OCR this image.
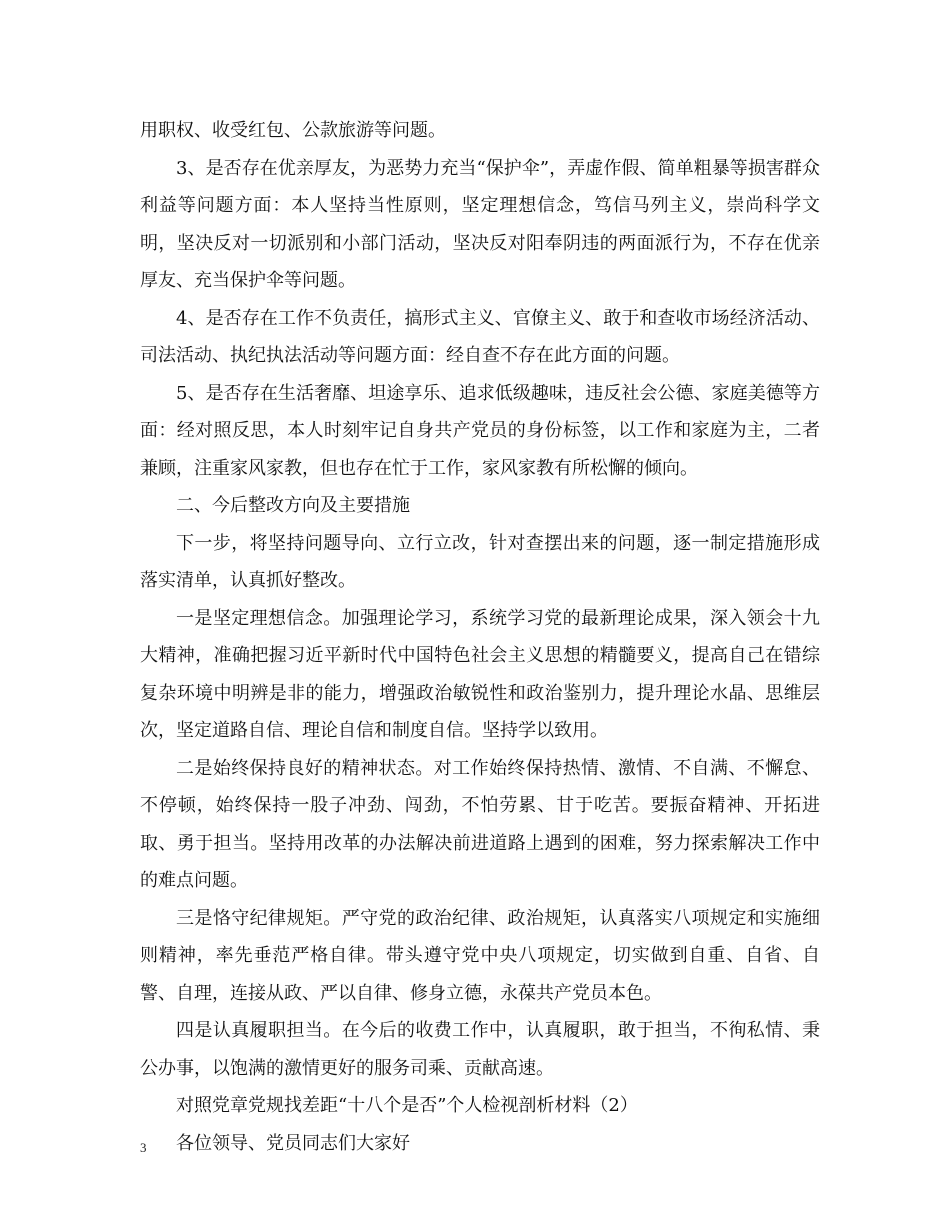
用职权、收受红包、公款旅游等问题。

3、是否存在优亲厚友，为恶势力充当“保护伞”，弄虚作假、简单粗暴等损害群众利益等问题方面：本人坚持当性原则，坚定理想信念，笃信马列主义，崇尚科学文明，坚决反对一切派别和小部门活动，坚决反对阳奉阴违的两面派行为，不存在优亲厚友、充当保护伞等问题。

4、是否存在工作不负责任，搞形式主义、官僚主义、敢于和查收市场经济活动、司法活动、执纪执法活动等问题方面：经自查不存在此方面的问题。

5、是否存在生活奢靡、坦途享乐、追求低级趣味，违反社会公德、家庭美德等方面：经对照反思，本人时刻牢记自身共产党员的身份标签，以工作和家庭为主，二者兼顾，注重家风家教，但也存在忙于工作，家风家教有所松懈的倾向。

二、今后整改方向及主要措施

下一步，将坚持问题导向、立行立改，针对查摆出来的问题，逐一制定措施形成落实清单，认真抓好整改。

一是坚定理想信念。加强理论学习，系统学习党的最新理论成果，深入领会十九大精神，准确把握习近平新时代中国特色社会主义思想的精髓要义，提高自己在错综复杂环境中明辨是非的能力，增强政治敏锐性和政治鉴别力，提升理论水晶、思维层次，坚定道路自信、理论自信和制度自信。坚持学以致用。

二是始终保持良好的精神状态。对工作始终保持热情、激情、不自满、不懈怠、不停顿，始终保持一股子冲劲、闯劲，不怕劳累、甘于吃苦。要振奋精神、开拓进取、勇于担当。坚持用改革的办法解决前进道路上遇到的困难，努力探索解决工作中的难点问题。

三是恪守纪律规矩。严守党的政治纪律、政治规矩，认真落实八项规定和实施细则精神，率先垂范严格自律。带头遵守党中央八项规定，切实做到自重、自省、自警、自理，连接从政、严以自律、修身立德，永葆共产党员本色。

四是认真履职担当。在今后的收费工作中，认真履职，敢于担当，不徇私情、秉公办事，以饱满的激情更好的服务司乘、贡献高速。

对照党章党规找差距“十八个是否”个人检视剖析材料（2）

各位领导、党员同志们大家好

3
